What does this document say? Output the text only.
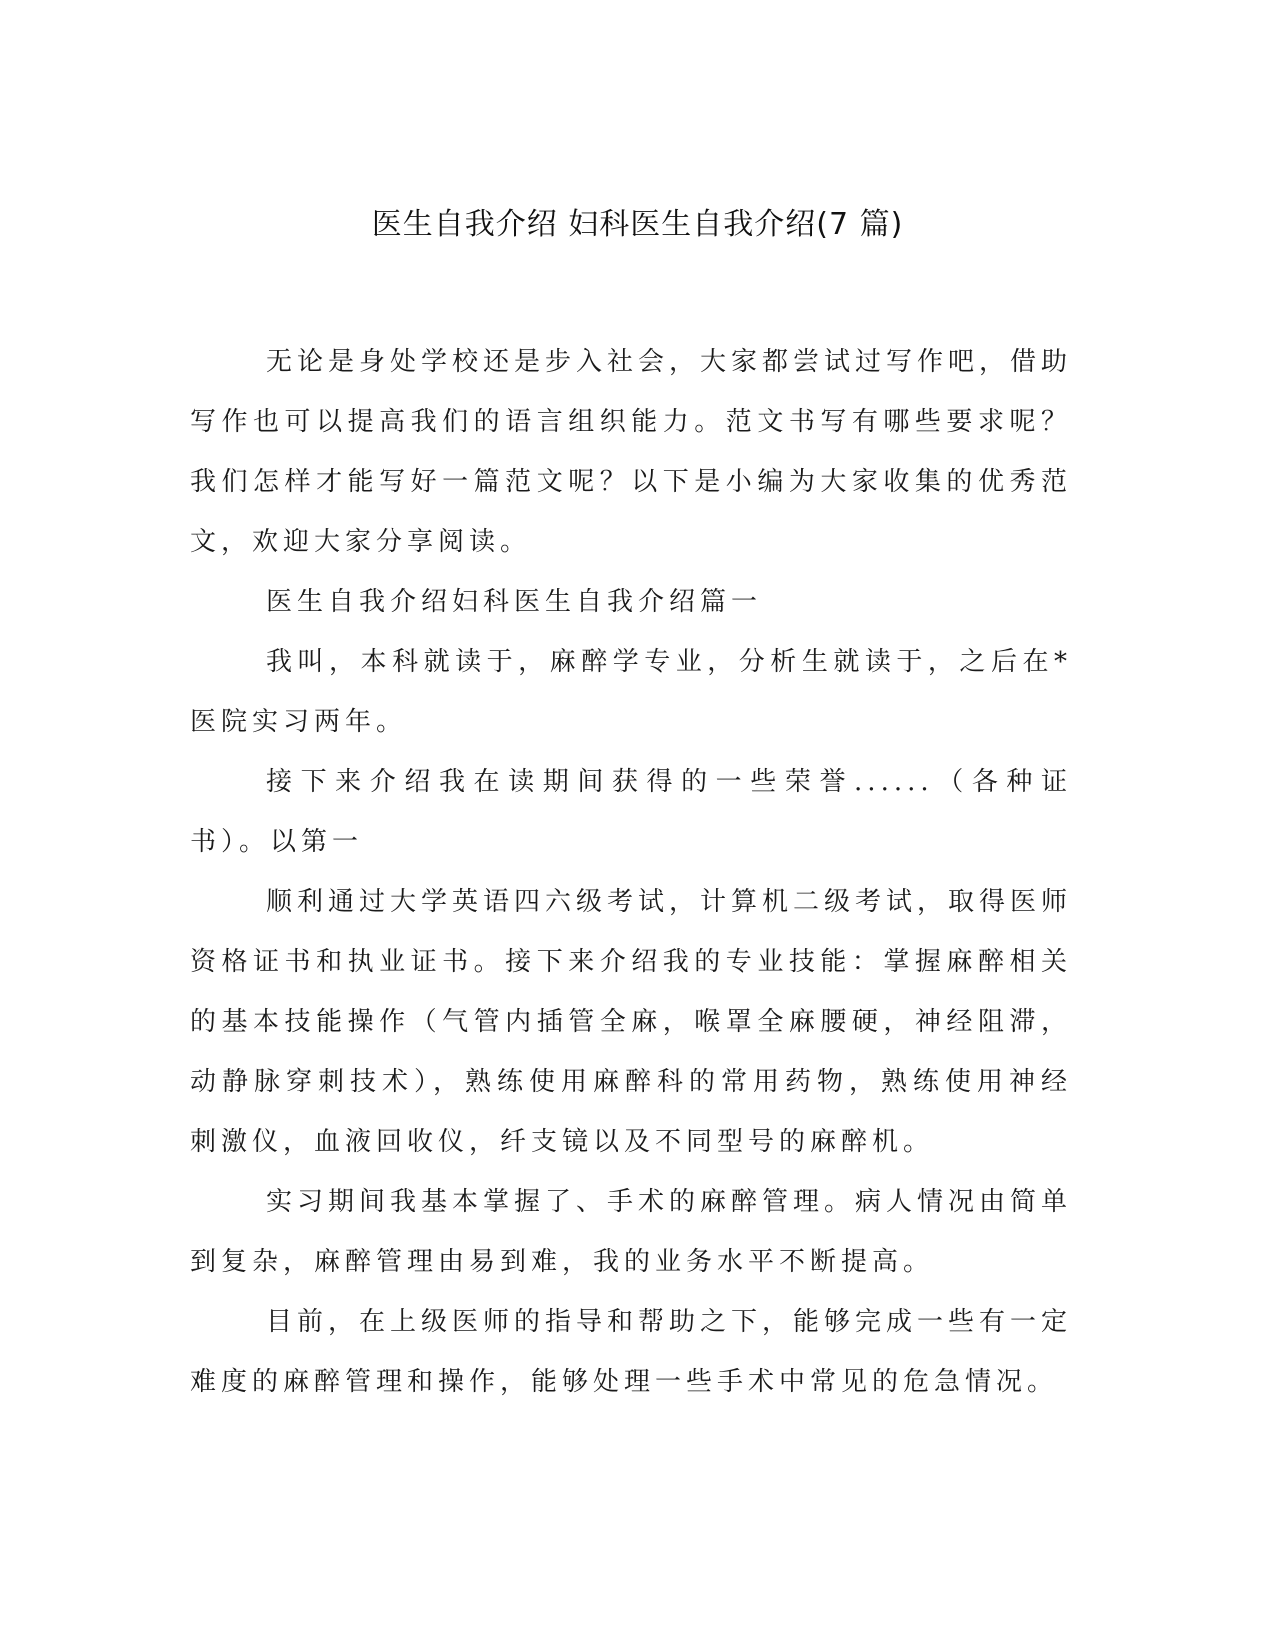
医生自我介绍 妇科医生自我介绍(7 篇)

无论是身处学校还是步入社会，大家都尝试过写作吧，借助写作也可以提高我们的语言组织能力。范文书写有哪些要求呢？我们怎样才能写好一篇范文呢？以下是小编为大家收集的优秀范文，欢迎大家分享阅读。

医生自我介绍妇科医生自我介绍篇一

我叫，本科就读于，麻醉学专业，分析生就读于，之后在*医院实习两年。

接下来介绍我在读期间获得的一些荣誉......（各种证书）。以第一

顺利通过大学英语四六级考试，计算机二级考试，取得医师资格证书和执业证书。接下来介绍我的专业技能：掌握麻醉相关的基本技能操作（气管内插管全麻，喉罩全麻腰硬，神经阻滞，动静脉穿刺技术），熟练使用麻醉科的常用药物，熟练使用神经刺激仪，血液回收仪，纤支镜以及不同型号的麻醉机。

实习期间我基本掌握了、手术的麻醉管理。病人情况由简单到复杂，麻醉管理由易到难，我的业务水平不断提高。

目前，在上级医师的指导和帮助之下，能够完成一些有一定难度的麻醉管理和操作，能够处理一些手术中常见的危急情况。
